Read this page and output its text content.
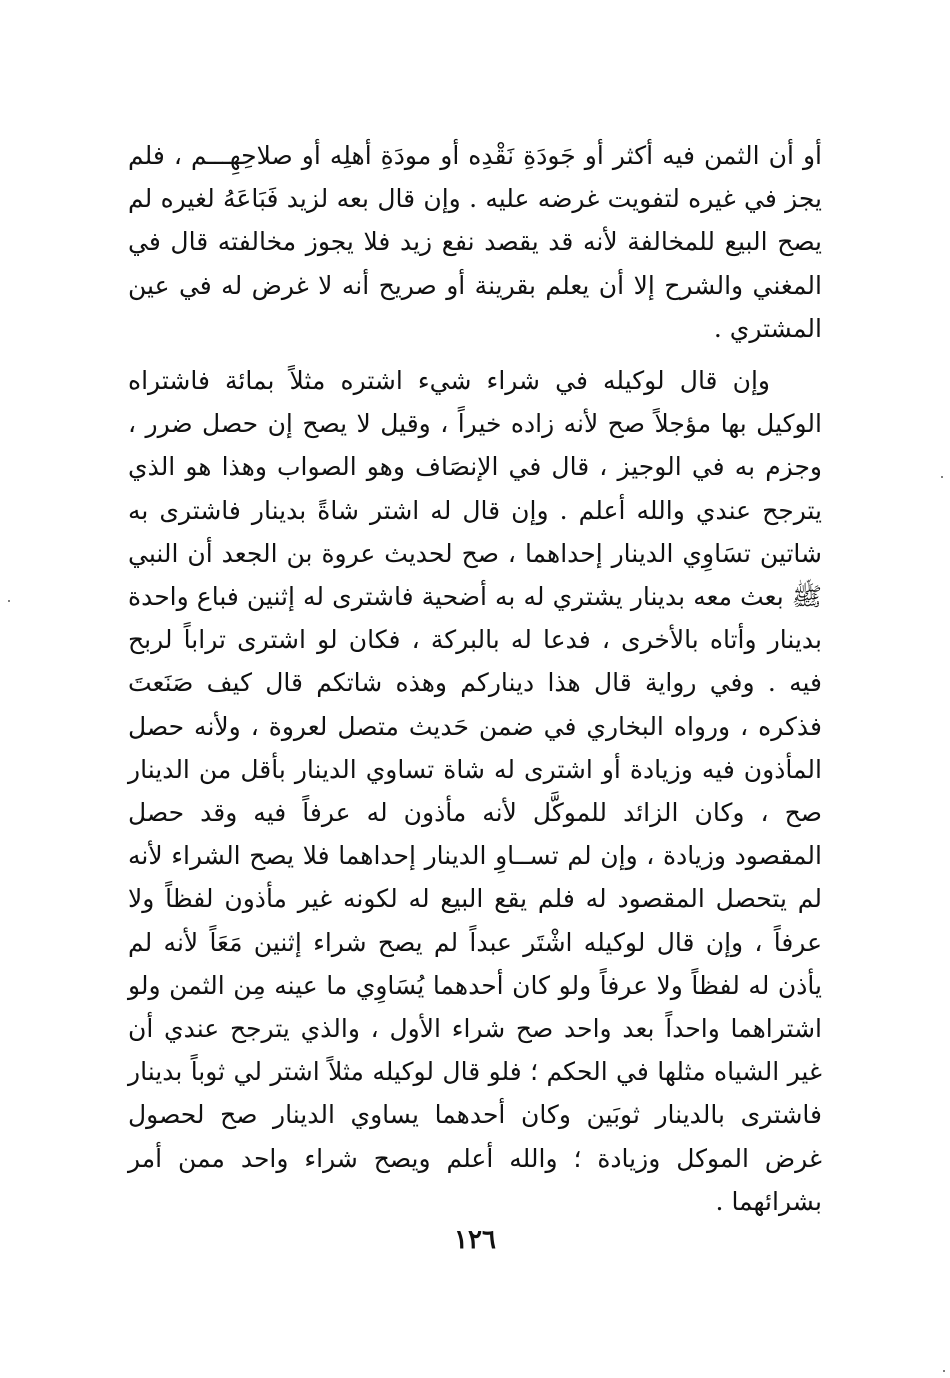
أو أن الثمن فيه أكثر أو جَودَةِ نَقْدِه أو مودَةِ أهلِه أو صلاحِهِـــم ، فلم يجز في غيره لتفويت غرضه عليه . وإن قال بعه لزيد فَبَاعَهُ لغيره لم يصح البيع للمخالفة لأنه قد يقصد نفع زيد فلا يجوز مخالفته قال في المغني والشرح إلا أن يعلم بقرينة أو صريح أنه لا غرض له في عين المشتري .

وإن قال لوكيله في شراء شيء اشتره مثلاً بمائة فاشتراه الوكيل بها مؤجلاً صح لأنه زاده خيراً ، وقيل لا يصح إن حصل ضرر ، وجزم به في الوجيز ، قال في الإنصَاف وهو الصواب وهذا هو الذي يترجح عندي والله أعلم . وإن قال له اشتر شاةً بدينار فاشترى به شاتين تسَاوِي الدينار إحداهما ، صح لحديث عروة بن الجعد أن النبي ﷺ بعث معه بدينار يشتري له به أضحية فاشترى له إثنين فباع واحدة بدينار وأتاه بالأخرى ، فدعا له بالبركة ، فكان لو اشترى تراباً لربح فيه . وفي رواية قال هذا دينارکم وهذه شاتكم قال كيف صَنَعتَ فذكره ، ورواه البخاري في ضمن حَديث متصل لعروة ، ولأنه حصل المأذون فيه وزيادة أو اشترى له شاة تساوي الدينار بأقل من الدينار صح ، وكان الزائد للموكَّل لأنه مأذون له عرفاً فيه وقد حصل المقصود وزيادة ، وإن لم تســاوِ الدينار إحداهما فلا يصح الشراء لأنه لم يتحصل المقصود له فلم يقع البيع له لكونه غير مأذون لفظاً ولا عرفاً ، وإن قال لوكيله اشْتَر عبداً لم يصح شراء إثنين مَعَاً لأنه لم يأذن له لفظاً ولا عرفاً ولو كان أحدهما يُسَاوِي ما عينه مِن الثمن ولو اشتراهما واحداً بعد واحد صح شراء الأول ، والذي يترجح عندي أن غير الشياه مثلها في الحكم ؛ فلو قال لوكيله مثلاً اشتر لي ثوباً بدينار فاشترى بالدينار ثوبَين وكان أحدهما يساوي الدينار صح لحصول غرض الموكل وزيادة ؛ والله أعلم ويصح شراء واحد ممن أمر بشرائهما .

١٢٦
